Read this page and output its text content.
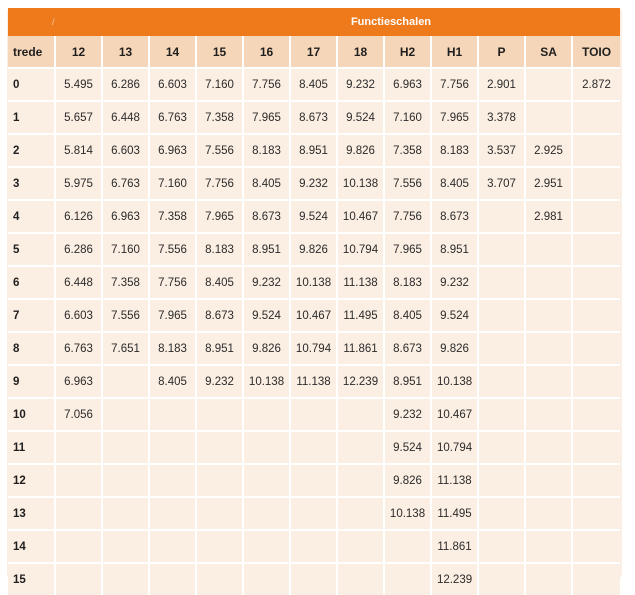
/			Functieschalen									
trede	12	13	14	15	16	17	18	H2	H1	P	SA	TOIO
0	5.495	6.286	6.603	7.160	7.756	8.405	9.232	6.963	7.756	2.901		2.872
1	5.657	6.448	6.763	7.358	7.965	8.673	9.524	7.160	7.965	3.378		
2	5.814	6.603	6.963	7.556	8.183	8.951	9.826	7.358	8.183	3.537	2.925	
3	5.975	6.763	7.160	7.756	8.405	9.232	10.138	7.556	8.405	3.707	2.951	
4	6.126	6.963	7.358	7.965	8.673	9.524	10.467	7.756	8.673		2.981	
5	6.286	7.160	7.556	8.183	8.951	9.826	10.794	7.965	8.951			
6	6.448	7.358	7.756	8.405	9.232	10.138	11.138	8.183	9.232			
7	6.603	7.556	7.965	8.673	9.524	10.467	11.495	8.405	9.524			
8	6.763	7.651	8.183	8.951	9.826	10.794	11.861	8.673	9.826			
9	6.963		8.405	9.232	10.138	11.138	12.239	8.951	10.138			
10	7.056							9.232	10.467			
11								9.524	10.794			
12								9.826	11.138			
13								10.138	11.495			
14									11.861			
15									12.239			
